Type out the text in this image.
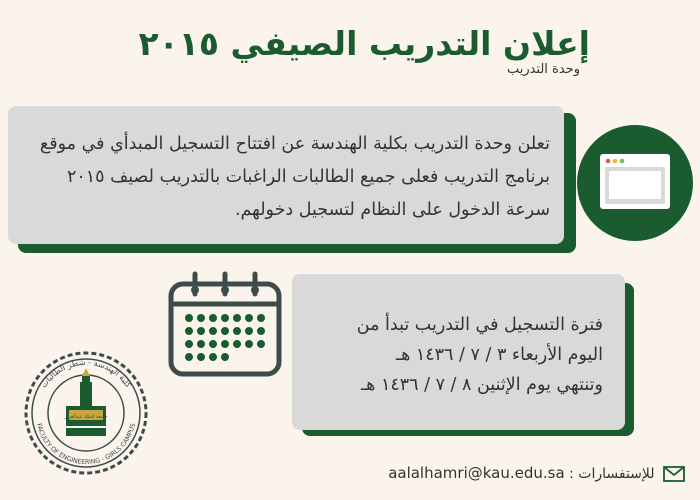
إعلان التدريب الصيفي ٢٠١٥
وحدة التدريب
تعلن وحدة التدريب بكلية الهندسة عن افتتاح التسجيل المبدأي في موقع برنامج التدريب فعلى جميع الطالبات الراغبات بالتدريب لصيف ٢٠١٥ سرعة الدخول على النظام لتسجيل دخولهم.
فترة التسجيل في التدريب تبدأ من
اليوم الأربعاء ٣ / ٧ / ١٤٣٦ هـ
وتنتهي يوم الإثنين ٨ / ٧ / ١٤٣٦ هـ
كلية الهندسة - شطر الطالبات
FACULTY OF ENGINEERING - GIRLS CAMPUS
جامعة الملك عبدالعزيز
للإستفسارات : aalalhamri@kau.edu.sa
